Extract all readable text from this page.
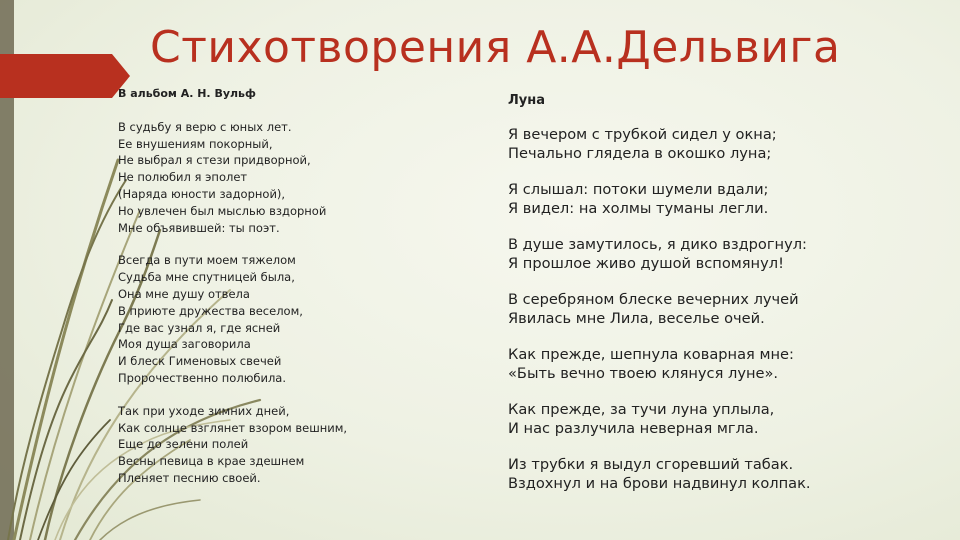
Стихотворения А.А.Дельвига
В альбом А. Н. Вульф
В судьбу я верю с юных лет.
Ее внушениям покорный,
Не выбрал я стези придворной,
Не полюбил я эполет
(Наряда юности задорной),
Но увлечен был мыслью вздорной
Мне объявившей: ты поэт.
Всегда в пути моем тяжелом
Судьба мне спутницей была,
Она мне душу отвела
В приюте дружества веселом,
Где вас узнал я, где ясней
Моя душа заговорила
И блеск Гименовых свечей
Пророчественно полюбила.
Так при уходе зимних дней,
Как солнце взглянет взором вешним,
Еще до зелени полей
Весны певица в крае здешнем
Пленяет песнию своей.
Луна
Я вечером с трубкой сидел у окна;
Печально глядела в окошко луна;
Я слышал: потоки шумели вдали;
Я видел: на холмы туманы легли.
В душе замутилось, я дико вздрогнул:
Я прошлое живо душой вспомянул!
В серебряном блеске вечерних лучей
Явилась мне Лила, веселье очей.
Как прежде, шепнула коварная мне:
«Быть вечно твоею клянуся луне».
Как прежде, за тучи луна уплыла,
И нас разлучила неверная мгла.
Из трубки я выдул сгоревший табак.
Вздохнул и на брови надвинул колпак.
